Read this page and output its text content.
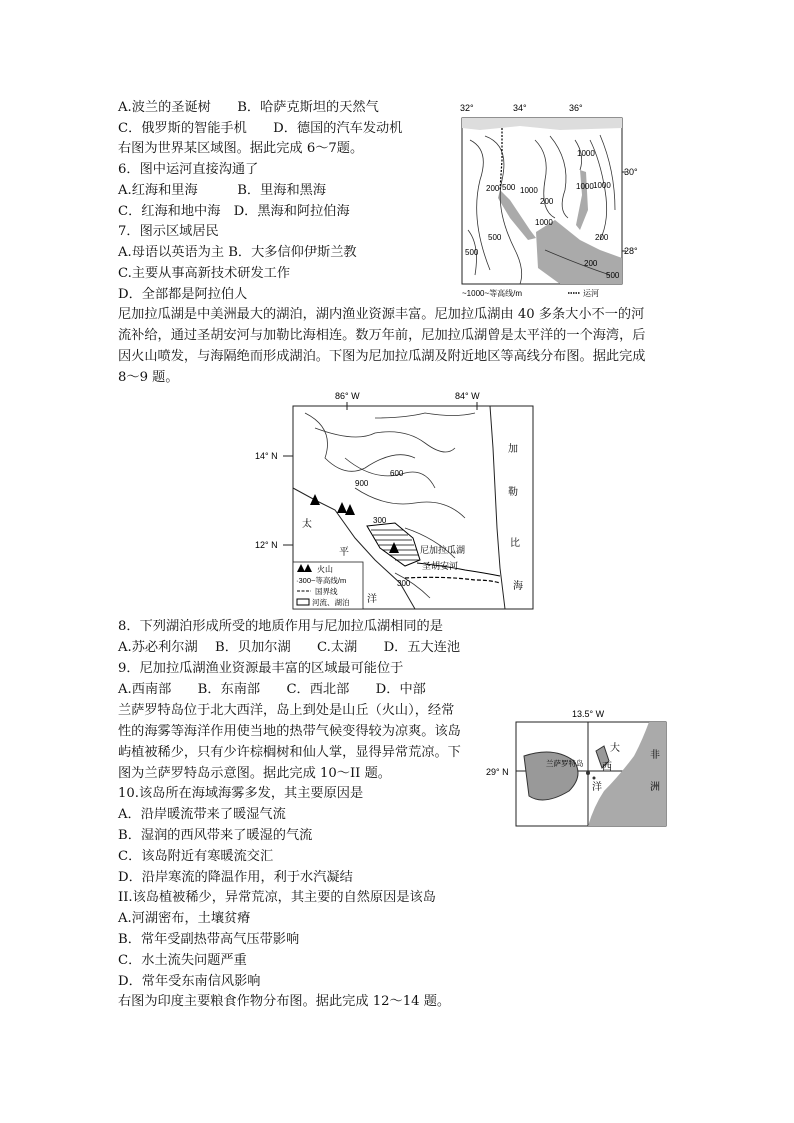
A.波兰的圣诞树　　B．哈萨克斯坦的天然气
C．俄罗斯的智能手机　　D．德国的汽车发动机
右图为世界某区域图。据此完成 6～7题。
6．图中运河直接沟通了
A.红海和里海　　　B．里海和黑海
C．红海和地中海　D．黑海和阿拉伯海
7．图示区域居民
A.母语以英语为主 B．大多信仰伊斯兰教
C.主要从事高新技术研发工作
D．全部都是阿拉伯人
尼加拉瓜湖是中美洲最大的湖泊，湖内渔业资源丰富。尼加拉瓜湖由 40 多条大小不一的河
流补给，通过圣胡安河与加勒比海相连。数万年前，尼加拉瓜湖曾是太平洋的一个海湾，后
因火山喷发，与海隔绝而形成湖泊。下图为尼加拉瓜湖及附近地区等高线分布图。据此完成
8～9 题。
8．下列湖泊形成所受的地质作用与尼加拉瓜湖相同的是
A.苏必利尔湖　 B．贝加尔湖　　C.太湖　　D．五大连池
9．尼加拉瓜湖渔业资源最丰富的区域最可能位于
A.西南部　　B．东南部　　C．西北部　　D．中部
兰萨罗特岛位于北大西洋，岛上到处是山丘（火山），经常
性的海雾等海洋作用使当地的热带气候变得较为凉爽。该岛
屿植被稀少，只有少许棕榈树和仙人掌，显得异常荒凉。下
图为兰萨罗特岛示意图。据此完成 10～II 题。
10.该岛所在海域海雾多发，其主要原因是
A．沿岸暖流带来了暖湿气流
B．湿润的西风带来了暖湿的气流
C．该岛附近有寒暖流交汇
D．沿岸寒流的降温作用，利于水汽凝结
II.该岛植被稀少，异常荒凉，其主要的自然原因是该岛
A.河湖密布，土壤贫瘠
B．常年受副热带高气压带影响
C．水土流失问题严重
D．常年受东南信风影响
右图为印度主要粮食作物分布图。据此完成 12～14 题。
32°	34°	36°
30°
28°
1000
1000 1000
200 500 1000
200
500
200
500
500
1000
200
~1000~等高线/m	运河
86° W	84° W
14° N
12° N
600
900
300
300
尼加拉瓜湖
圣胡安河
加
勒
比
海
太
平
洋
火山
·300~等高线/m
国界线
河流、湖泊
13.5° W
29° N
兰萨罗特岛
大
西
洋
非
洲
